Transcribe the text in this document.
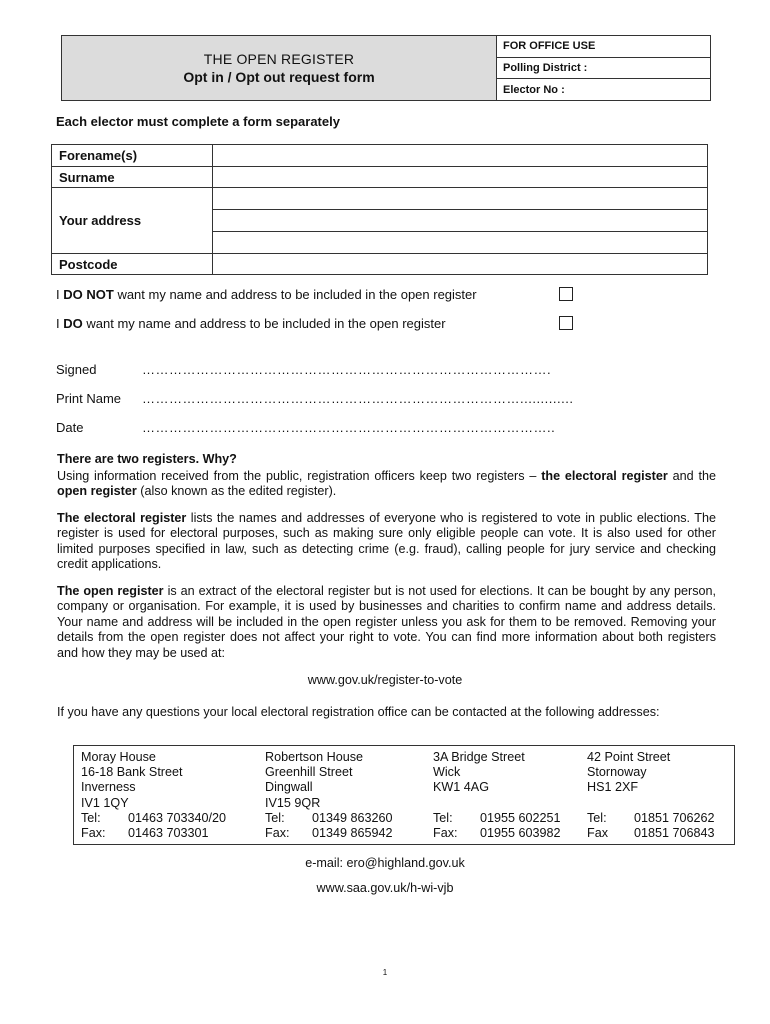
THE OPEN REGISTER
Opt in / Opt out request form
FOR OFFICE USE
Polling District :
Elector No :
Each elector must complete a form separately
Forename(s)	
Surname	
Your address	

Postcode	
I DO NOT want my name and address to be included in the open register
I DO want my name and address to be included in the open register
Signed	……………………………………………………………………………….
Print Name	………………………………………………………………………….............
Date	………………………………………………………………………………..
There are two registers. Why?
Using information received from the public, registration officers keep two registers – the electoral register and the open register (also known as the edited register).
The electoral register lists the names and addresses of everyone who is registered to vote in public elections. The register is used for electoral purposes, such as making sure only eligible people can vote. It is also used for other limited purposes specified in law, such as detecting crime (e.g. fraud), calling people for jury service and checking credit applications.
The open register is an extract of the electoral register but is not used for elections. It can be bought by any person, company or organisation. For example, it is used by businesses and charities to confirm name and address details. Your name and address will be included in the open register unless you ask for them to be removed. Removing your details from the open register does not affect your right to vote. You can find more information about both registers and how they may be used at:
www.gov.uk/register-to-vote
If you have any questions your local electoral registration office can be contacted at the following addresses:
Moray House
16-18 Bank Street
Inverness
IV1 1QY
Tel:	01463 703340/20
Fax:	01463 703301
Robertson House
Greenhill Street
Dingwall
IV15 9QR
Tel:	01349 863260
Fax:	01349 865942
3A Bridge Street
Wick
KW1 4AG
Tel:	01955 602251
Fax:	01955 603982
42 Point Street
Stornoway
HS1 2XF
Tel:	01851 706262
Fax	01851 706843
e-mail: ero@highland.gov.uk
www.saa.gov.uk/h-wi-vjb
1
